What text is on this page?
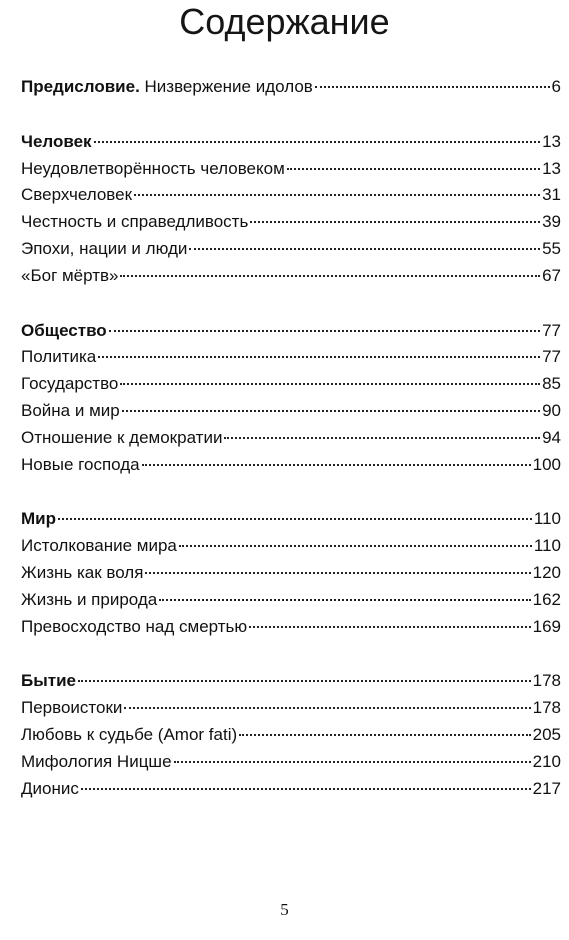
Содержание
Предисловие. Низвержение идолов	6
Человек	13
Неудовлетворённость человеком	13
Сверхчеловек	31
Честность и справедливость	39
Эпохи, нации и люди	55
«Бог мёртв»	67
Общество	77
Политика	77
Государство	85
Война и мир	90
Отношение к демократии	94
Новые господа	100
Мир	110
Истолкование мира	110
Жизнь как воля	120
Жизнь и природа	162
Превосходство над смертью	169
Бытие	178
Первоистоки	178
Любовь к судьбе (Amor fati)	205
Мифология Ницше	210
Дионис	217
5
